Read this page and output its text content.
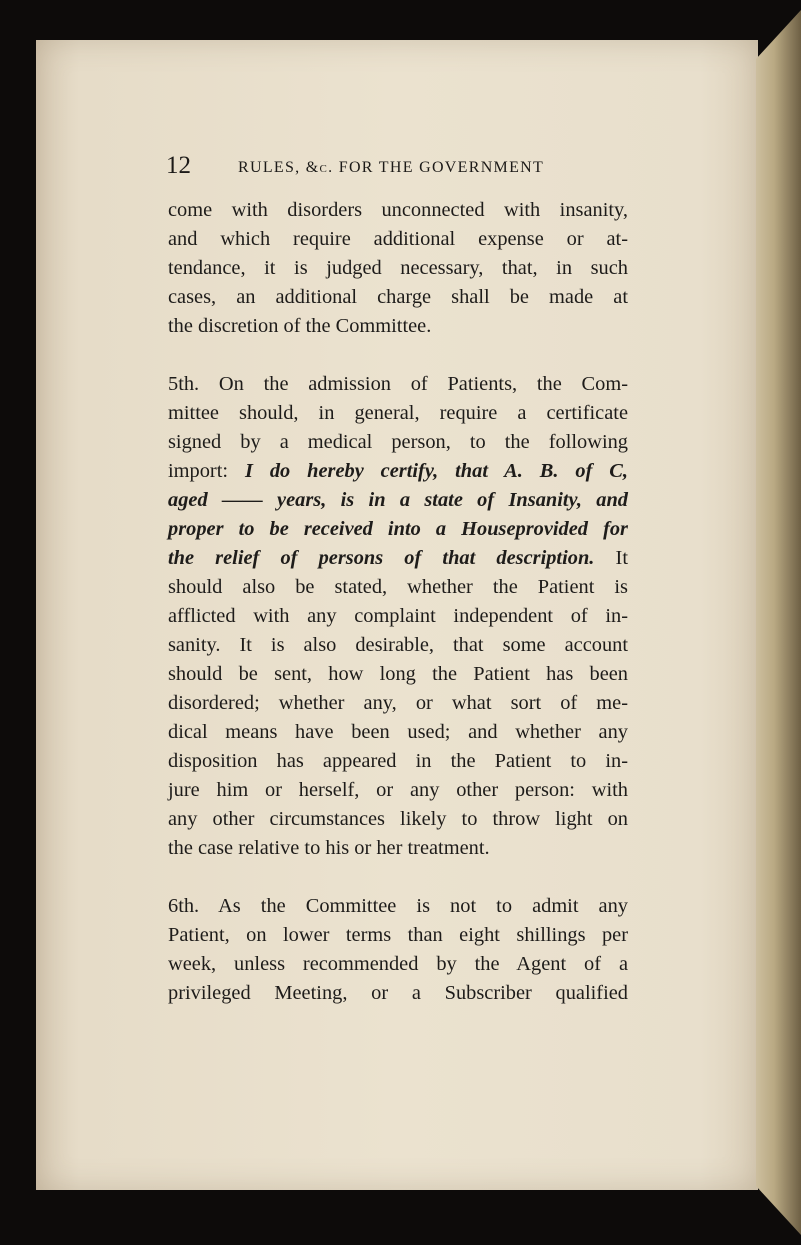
12	RULES, &c. FOR THE GOVERNMENT
come with disorders unconnected with insanity,
and which require additional expense or at-
tendance, it is judged necessary, that, in such
cases, an additional charge shall be made at
the discretion of the Committee.
5th. On the admission of Patients, the Com-
mittee should, in general, require a certificate
signed by a medical person, to the following
import: I do hereby certify, that A. B. of C,
aged —— years, is in a state of Insanity, and
proper to be received into a Houseprovided for
the relief of persons of that description. It
should also be stated, whether the Patient is
afflicted with any complaint independent of in-
sanity. It is also desirable, that some account
should be sent, how long the Patient has been
disordered; whether any, or what sort of me-
dical means have been used; and whether any
disposition has appeared in the Patient to in-
jure him or herself, or any other person: with
any other circumstances likely to throw light on
the case relative to his or her treatment.
6th. As the Committee is not to admit any
Patient, on lower terms than eight shillings per
week, unless recommended by the Agent of a
privileged Meeting, or a Subscriber qualified
